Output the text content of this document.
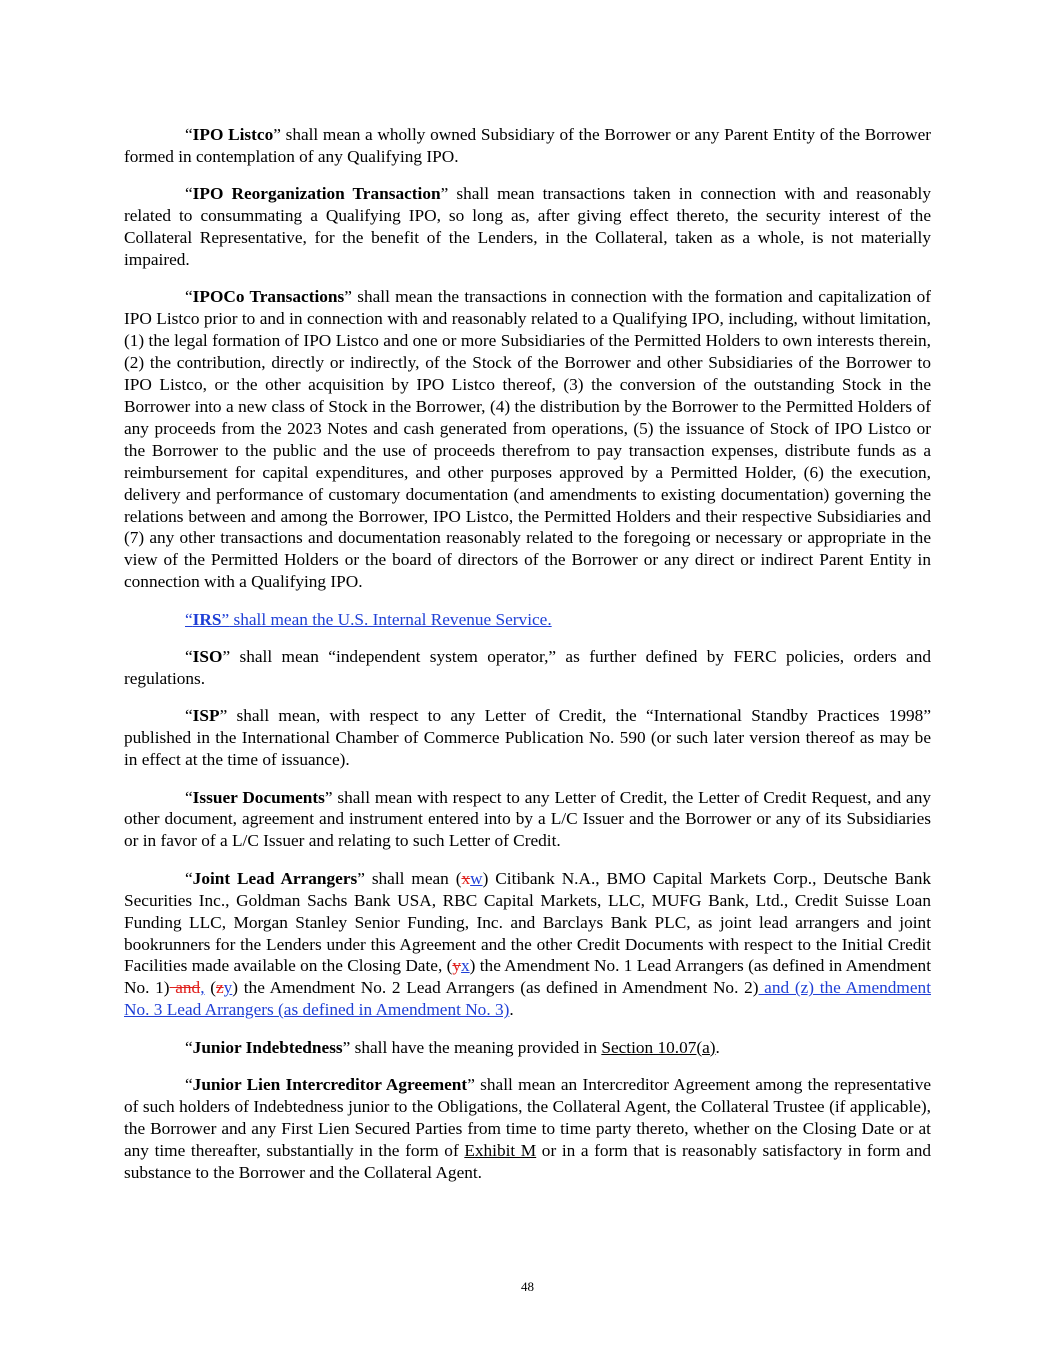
“IPO Listco” shall mean a wholly owned Subsidiary of the Borrower or any Parent Entity of the Borrower formed in contemplation of any Qualifying IPO.

“IPO Reorganization Transaction” shall mean transactions taken in connection with and reasonably related to consummating a Qualifying IPO, so long as, after giving effect thereto, the security interest of the Collateral Representative, for the benefit of the Lenders, in the Collateral, taken as a whole, is not materially impaired.

“IPOCo Transactions” shall mean the transactions in connection with the formation and capitalization of IPO Listco prior to and in connection with and reasonably related to a Qualifying IPO, including, without limitation, (1) the legal formation of IPO Listco and one or more Subsidiaries of the Permitted Holders to own interests therein, (2) the contribution, directly or indirectly, of the Stock of the Borrower and other Subsidiaries of the Borrower to IPO Listco, or the other acquisition by IPO Listco thereof, (3) the conversion of the outstanding Stock in the Borrower into a new class of Stock in the Borrower, (4) the distribution by the Borrower to the Permitted Holders of any proceeds from the 2023 Notes and cash generated from operations, (5) the issuance of Stock of IPO Listco or the Borrower to the public and the use of proceeds therefrom to pay transaction expenses, distribute funds as a reimbursement for capital expenditures, and other purposes approved by a Permitted Holder, (6) the execution, delivery and performance of customary documentation (and amendments to existing documentation) governing the relations between and among the Borrower, IPO Listco, the Permitted Holders and their respective Subsidiaries and (7) any other transactions and documentation reasonably related to the foregoing or necessary or appropriate in the view of the Permitted Holders or the board of directors of the Borrower or any direct or indirect Parent Entity in connection with a Qualifying IPO.

“IRS” shall mean the U.S. Internal Revenue Service.

“ISO” shall mean “independent system operator,” as further defined by FERC policies, orders and regulations.

“ISP” shall mean, with respect to any Letter of Credit, the “International Standby Practices 1998” published in the International Chamber of Commerce Publication No. 590 (or such later version thereof as may be in effect at the time of issuance).

“Issuer Documents” shall mean with respect to any Letter of Credit, the Letter of Credit Request, and any other document, agreement and instrument entered into by a L/C Issuer and the Borrower or any of its Subsidiaries or in favor of a L/C Issuer and relating to such Letter of Credit.

“Joint Lead Arrangers” shall mean (xw) Citibank N.A., BMO Capital Markets Corp., Deutsche Bank Securities Inc., Goldman Sachs Bank USA, RBC Capital Markets, LLC, MUFG Bank, Ltd., Credit Suisse Loan Funding LLC, Morgan Stanley Senior Funding, Inc. and Barclays Bank PLC, as joint lead arrangers and joint bookrunners for the Lenders under this Agreement and the other Credit Documents with respect to the Initial Credit Facilities made available on the Closing Date, (yx) the Amendment No. 1 Lead Arrangers (as defined in Amendment No. 1) and, (zy) the Amendment No. 2 Lead Arrangers (as defined in Amendment No. 2) and (z) the Amendment No. 3 Lead Arrangers (as defined in Amendment No. 3).

“Junior Indebtedness” shall have the meaning provided in Section 10.07(a).

“Junior Lien Intercreditor Agreement” shall mean an Intercreditor Agreement among the representative of such holders of Indebtedness junior to the Obligations, the Collateral Agent, the Collateral Trustee (if applicable), the Borrower and any First Lien Secured Parties from time to time party thereto, whether on the Closing Date or at any time thereafter, substantially in the form of Exhibit M or in a form that is reasonably satisfactory in form and substance to the Borrower and the Collateral Agent.

48
